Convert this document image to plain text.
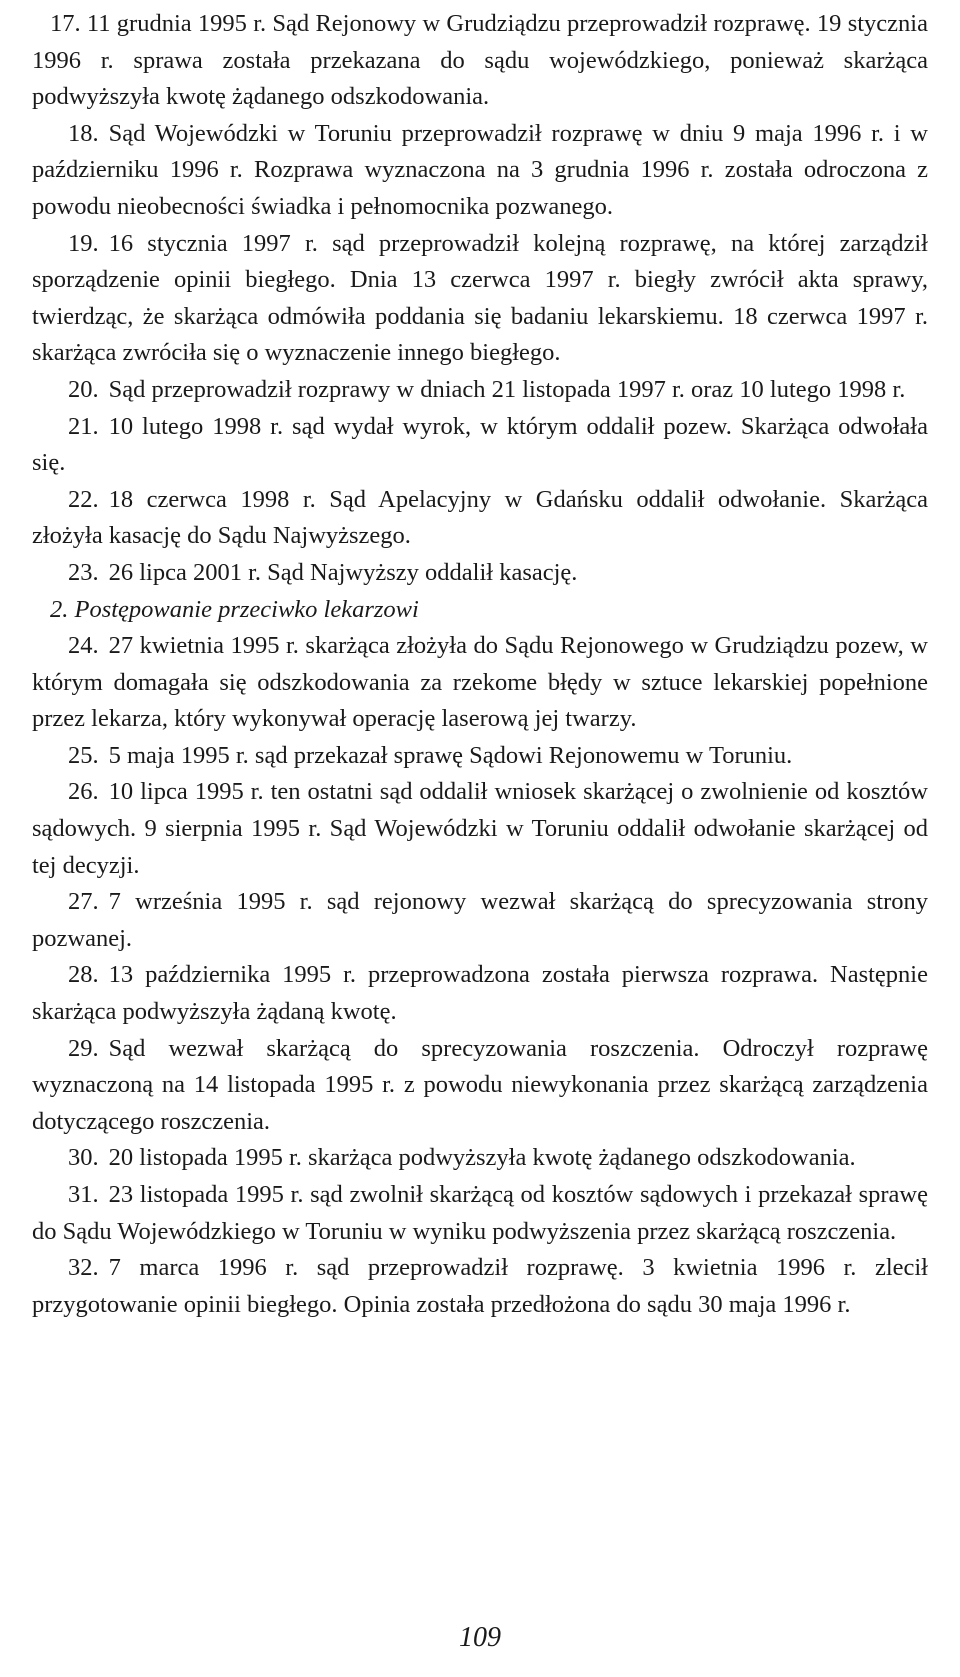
17. 11 grudnia 1995 r. Sąd Rejonowy w Grudziądzu przeprowadził rozprawę. 19 stycznia 1996 r. sprawa została przekazana do sądu wojewódzkiego, ponieważ skarżąca podwyższyła kwotę żądanego odszkodowania.

18. Sąd Wojewódzki w Toruniu przeprowadził rozprawę w dniu 9 maja 1996 r. i w październiku 1996 r. Rozprawa wyznaczona na 3 grudnia 1996 r. została odroczona z powodu nieobecności świadka i pełnomocnika pozwanego.

19. 16 stycznia 1997 r. sąd przeprowadził kolejną rozprawę, na której zarządził sporządzenie opinii biegłego. Dnia 13 czerwca 1997 r. biegły zwrócił akta sprawy, twierdząc, że skarżąca odmówiła poddania się badaniu lekarskiemu. 18 czerwca 1997 r. skarżąca zwróciła się o wyznaczenie innego biegłego.

20. Sąd przeprowadził rozprawy w dniach 21 listopada 1997 r. oraz 10 lutego 1998 r.

21. 10 lutego 1998 r. sąd wydał wyrok, w którym oddalił pozew. Skarżąca odwołała się.

22. 18 czerwca 1998 r. Sąd Apelacyjny w Gdańsku oddalił odwołanie. Skarżąca złożyła kasację do Sądu Najwyższego.

23. 26 lipca 2001 r. Sąd Najwyższy oddalił kasację.

2. Postępowanie przeciwko lekarzowi

24. 27 kwietnia 1995 r. skarżąca złożyła do Sądu Rejonowego w Grudziądzu pozew, w którym domagała się odszkodowania za rzekome błędy w sztuce lekarskiej popełnione przez lekarza, który wykonywał operację laserową jej twarzy.

25. 5 maja 1995 r. sąd przekazał sprawę Sądowi Rejonowemu w Toruniu.

26. 10 lipca 1995 r. ten ostatni sąd oddalił wniosek skarżącej o zwolnienie od kosztów sądowych. 9 sierpnia 1995 r. Sąd Wojewódzki w Toruniu oddalił odwołanie skarżącej od tej decyzji.

27. 7 września 1995 r. sąd rejonowy wezwał skarżącą do sprecyzowania strony pozwanej.

28. 13 października 1995 r. przeprowadzona została pierwsza rozprawa. Następnie skarżąca podwyższyła żądaną kwotę.

29. Sąd wezwał skarżącą do sprecyzowania roszczenia. Odroczył rozprawę wyznaczoną na 14 listopada 1995 r. z powodu niewykonania przez skarżącą zarządzenia dotyczącego roszczenia.

30. 20 listopada 1995 r. skarżąca podwyższyła kwotę żądanego odszkodowania.

31. 23 listopada 1995 r. sąd zwolnił skarżącą od kosztów sądowych i przekazał sprawę do Sądu Wojewódzkiego w Toruniu w wyniku podwyższenia przez skarżącą roszczenia.

32. 7 marca 1996 r. sąd przeprowadził rozprawę. 3 kwietnia 1996 r. zlecił przygotowanie opinii biegłego. Opinia została przedłożona do sądu 30 maja 1996 r.

109
